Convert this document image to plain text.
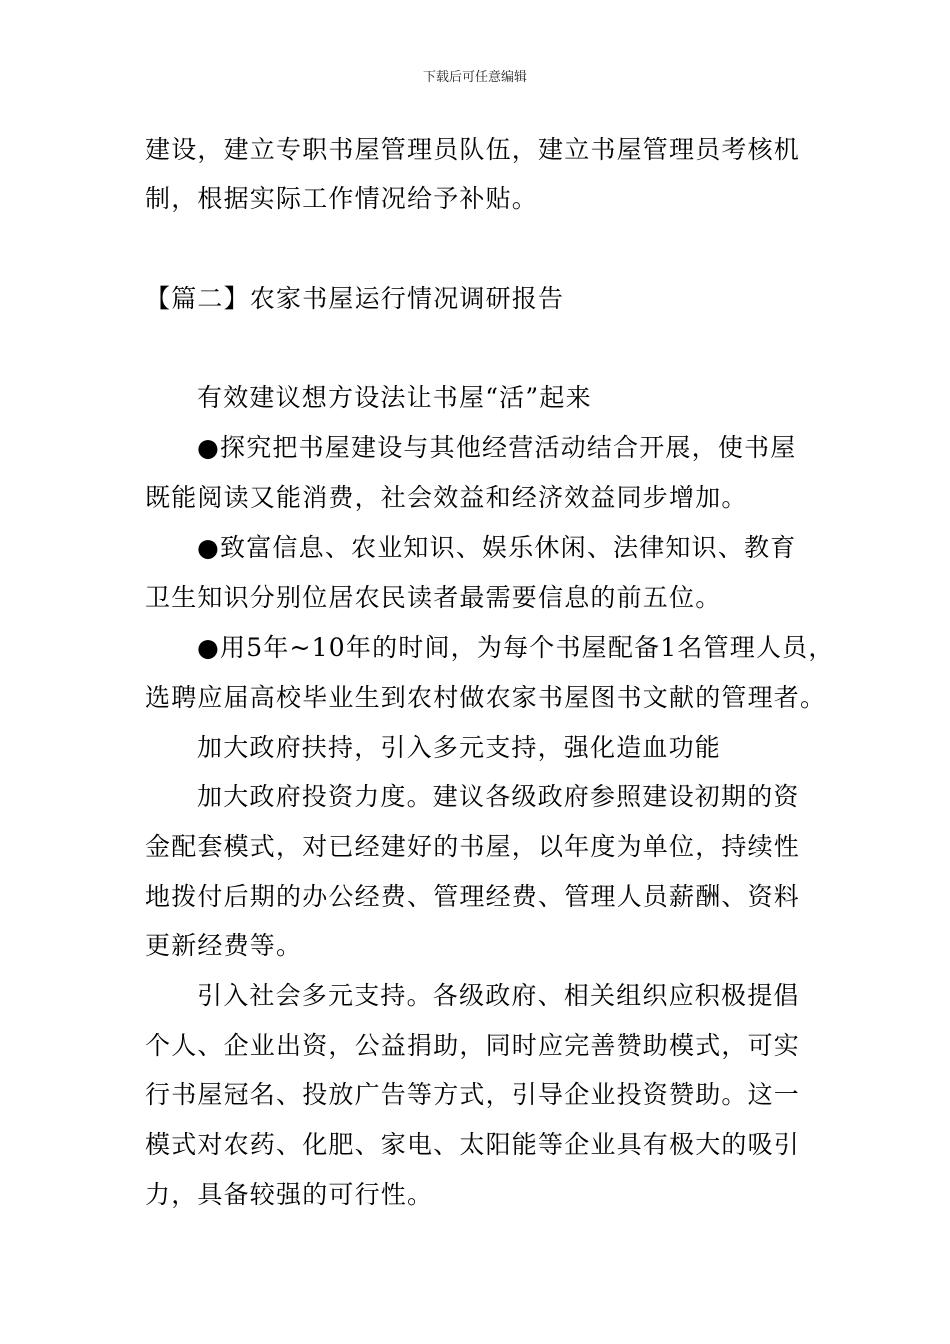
下载后可任意编辑
建设，建立专职书屋管理员队伍，建立书屋管理员考核机
制，根据实际工作情况给予补贴。
【篇二】农家书屋运行情况调研报告
有效建议想方设法让书屋“活”起来
●探究把书屋建设与其他经营活动结合开展，使书屋
既能阅读又能消费，社会效益和经济效益同步增加。
●致富信息、农业知识、娱乐休闲、法律知识、教育
卫生知识分别位居农民读者最需要信息的前五位。
●用5年~10年的时间，为每个书屋配备1名管理人员，
选聘应届高校毕业生到农村做农家书屋图书文献的管理者。
加大政府扶持，引入多元支持，强化造血功能
加大政府投资力度。建议各级政府参照建设初期的资
金配套模式，对已经建好的书屋，以年度为单位，持续性
地拨付后期的办公经费、管理经费、管理人员薪酬、资料
更新经费等。
引入社会多元支持。各级政府、相关组织应积极提倡
个人、企业出资，公益捐助，同时应完善赞助模式，可实
行书屋冠名、投放广告等方式，引导企业投资赞助。这一
模式对农药、化肥、家电、太阳能等企业具有极大的吸引
力，具备较强的可行性。
